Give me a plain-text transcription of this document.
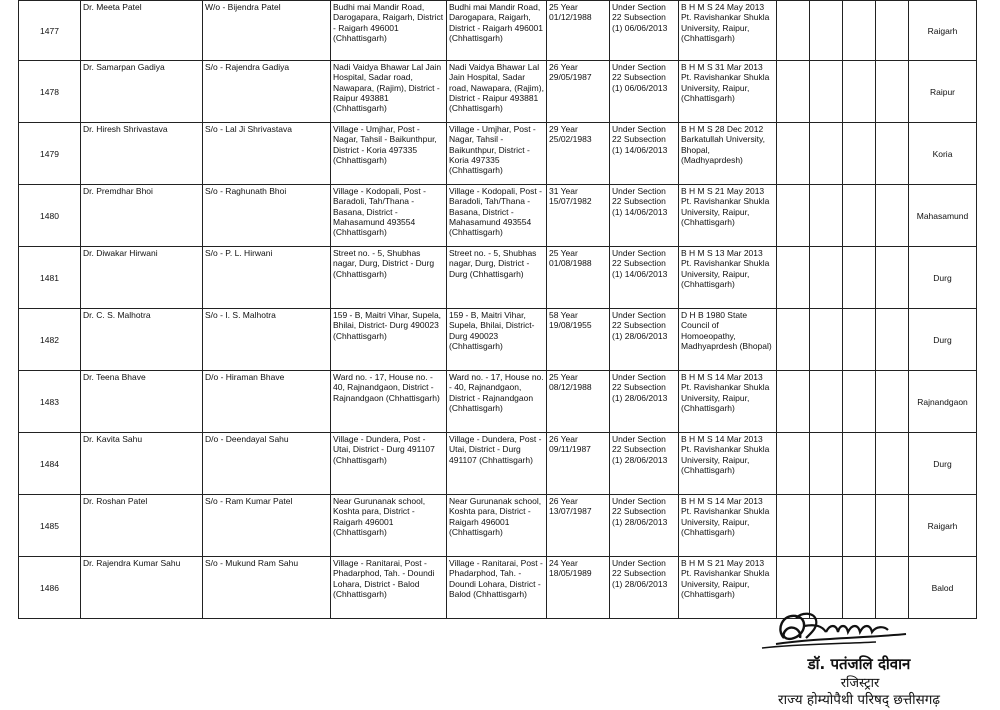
1477	Dr. Meeta Patel	W/o - Bijendra Patel	Budhi mai Mandir Road, Darogapara, Raigarh, District - Raigarh 496001 (Chhattisgarh)	Budhi mai Mandir Road, Darogapara, Raigarh, District - Raigarh 496001 (Chhattisgarh)	25 Year 01/12/1988	Under Section 22 Subsection (1) 06/06/2013	B H M S 24 May 2013 Pt. Ravishankar Shukla University, Raipur, (Chhattisgarh)					Raigarh
1478	Dr. Samarpan Gadiya	S/o - Rajendra Gadiya	Nadi Vaidya Bhawar Lal Jain Hospital, Sadar road, Nawapara, (Rajim), District - Raipur 493881 (Chhattisgarh)	Nadi Vaidya Bhawar Lal Jain Hospital, Sadar road, Nawapara, (Rajim), District - Raipur 493881 (Chhattisgarh)	26 Year 29/05/1987	Under Section 22 Subsection (1) 06/06/2013	B H M S 31 Mar 2013 Pt. Ravishankar Shukla University, Raipur, (Chhattisgarh)					Raipur
1479	Dr. Hiresh Shrivastava	S/o - Lal Ji Shrivastava	Village - Umjhar, Post - Nagar, Tahsil - Baikunthpur, District - Koria 497335 (Chhattisgarh)	Village - Umjhar, Post - Nagar, Tahsil - Baikunthpur, District - Koria 497335 (Chhattisgarh)	29 Year 25/02/1983	Under Section 22 Subsection (1) 14/06/2013	B H M S 28 Dec 2012 Barkatullah University, Bhopal, (Madhyaprdesh)					Koria
1480	Dr. Premdhar Bhoi	S/o - Raghunath Bhoi	Village - Kodopali, Post - Baradoli, Tah/Thana - Basana, District - Mahasamund 493554 (Chhattisgarh)	Village - Kodopali, Post - Baradoli, Tah/Thana - Basana, District - Mahasamund 493554 (Chhattisgarh)	31 Year 15/07/1982	Under Section 22 Subsection (1) 14/06/2013	B H M S 21 May 2013 Pt. Ravishankar Shukla University, Raipur, (Chhattisgarh)					Mahasamund
1481	Dr. Diwakar Hirwani	S/o - P. L. Hirwani	Street no. - 5, Shubhas nagar, Durg, District - Durg (Chhattisgarh)	Street no. - 5, Shubhas nagar, Durg, District - Durg (Chhattisgarh)	25 Year 01/08/1988	Under Section 22 Subsection (1) 14/06/2013	B H M S 13 Mar 2013 Pt. Ravishankar Shukla University, Raipur, (Chhattisgarh)					Durg
1482	Dr. C. S. Malhotra	S/o - I. S. Malhotra	159 - B, Maitri Vihar, Supela, Bhilai, District- Durg 490023 (Chhattisgarh)	159 - B, Maitri Vihar, Supela, Bhilai, District- Durg 490023 (Chhattisgarh)	58 Year 19/08/1955	Under Section 22 Subsection (1) 28/06/2013	D H B 1980 State Council of Homoeopathy, Madhyaprdesh (Bhopal)					Durg
1483	Dr. Teena Bhave	D/o - Hiraman Bhave	Ward no. - 17, House no. - 40, Rajnandgaon, District - Rajnandgaon (Chhattisgarh)	Ward no. - 17, House no. - 40, Rajnandgaon, District - Rajnandgaon (Chhattisgarh)	25 Year 08/12/1988	Under Section 22 Subsection (1) 28/06/2013	B H M S 14 Mar 2013 Pt. Ravishankar Shukla University, Raipur, (Chhattisgarh)					Rajnandgaon
1484	Dr. Kavita Sahu	D/o - Deendayal Sahu	Village - Dundera, Post - Utai, District - Durg 491107 (Chhattisgarh)	Village - Dundera, Post - Utai, District - Durg 491107 (Chhattisgarh)	26 Year 09/11/1987	Under Section 22 Subsection (1) 28/06/2013	B H M S 14 Mar 2013 Pt. Ravishankar Shukla University, Raipur, (Chhattisgarh)					Durg
1485	Dr. Roshan Patel	S/o - Ram Kumar Patel	Near Gurunanak school, Koshta para, District - Raigarh 496001 (Chhattisgarh)	Near Gurunanak school, Koshta para, District - Raigarh 496001 (Chhattisgarh)	26 Year 13/07/1987	Under Section 22 Subsection (1) 28/06/2013	B H M S 14 Mar 2013 Pt. Ravishankar Shukla University, Raipur, (Chhattisgarh)					Raigarh
1486	Dr. Rajendra Kumar Sahu	S/o - Mukund Ram Sahu	Village - Ranitarai, Post - Phadarphod, Tah. - Doundi Lohara, District - Balod (Chhattisgarh)	Village - Ranitarai, Post - Phadarphod, Tah. - Doundi Lohara, District - Balod (Chhattisgarh)	24 Year 18/05/1989	Under Section 22 Subsection (1) 28/06/2013	B H M S 21 May 2013 Pt. Ravishankar Shukla University, Raipur, (Chhattisgarh)					Balod
डॉ. पतंजलि दीवान
रजिस्ट्रार
राज्य होम्योपैथी परिषद् छत्तीसगढ़
